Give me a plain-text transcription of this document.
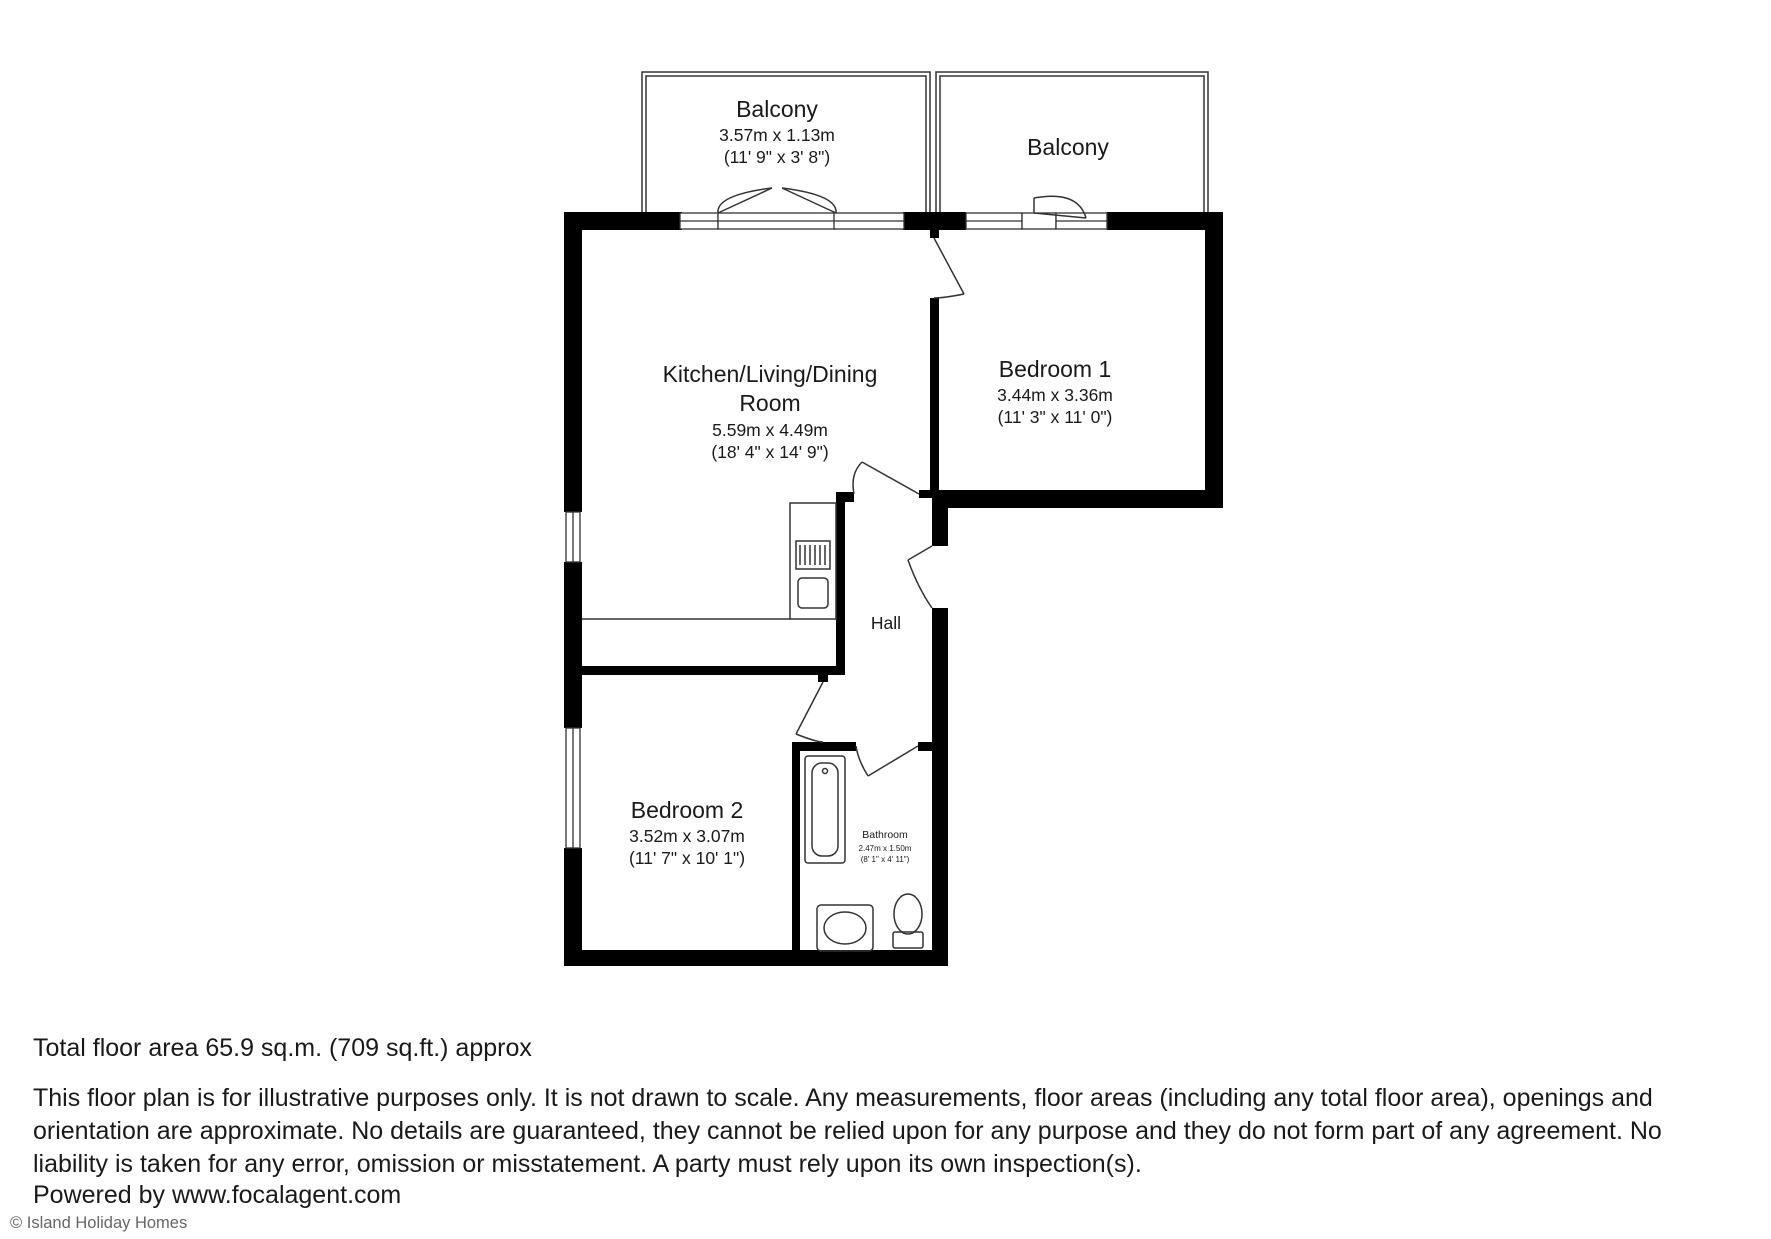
Balcony
3.57m x 1.13m
(11' 9" x 3' 8")	Balcony
Kitchen/Living/Dining
Room
5.59m x 4.49m
(18' 4" x 14' 9")
Bedroom 1
3.44m x 3.36m
(11' 3" x 11' 0")
Hall
Bedroom 2
3.52m x 3.07m
(11' 7" x 10' 1")
Bathroom
2.47m x 1.50m
(8' 1" x 4' 11")

Total floor area 65.9 sq.m. (709 sq.ft.) approx

This floor plan is for illustrative purposes only. It is not drawn to scale. Any measurements, floor areas (including any total floor area), openings and orientation are approximate. No details are guaranteed, they cannot be relied upon for any purpose and they do not form part of any agreement. No liability is taken for any error, omission or misstatement. A party must rely upon its own inspection(s).

Powered by www.focalagent.com

© Island Holiday Homes
